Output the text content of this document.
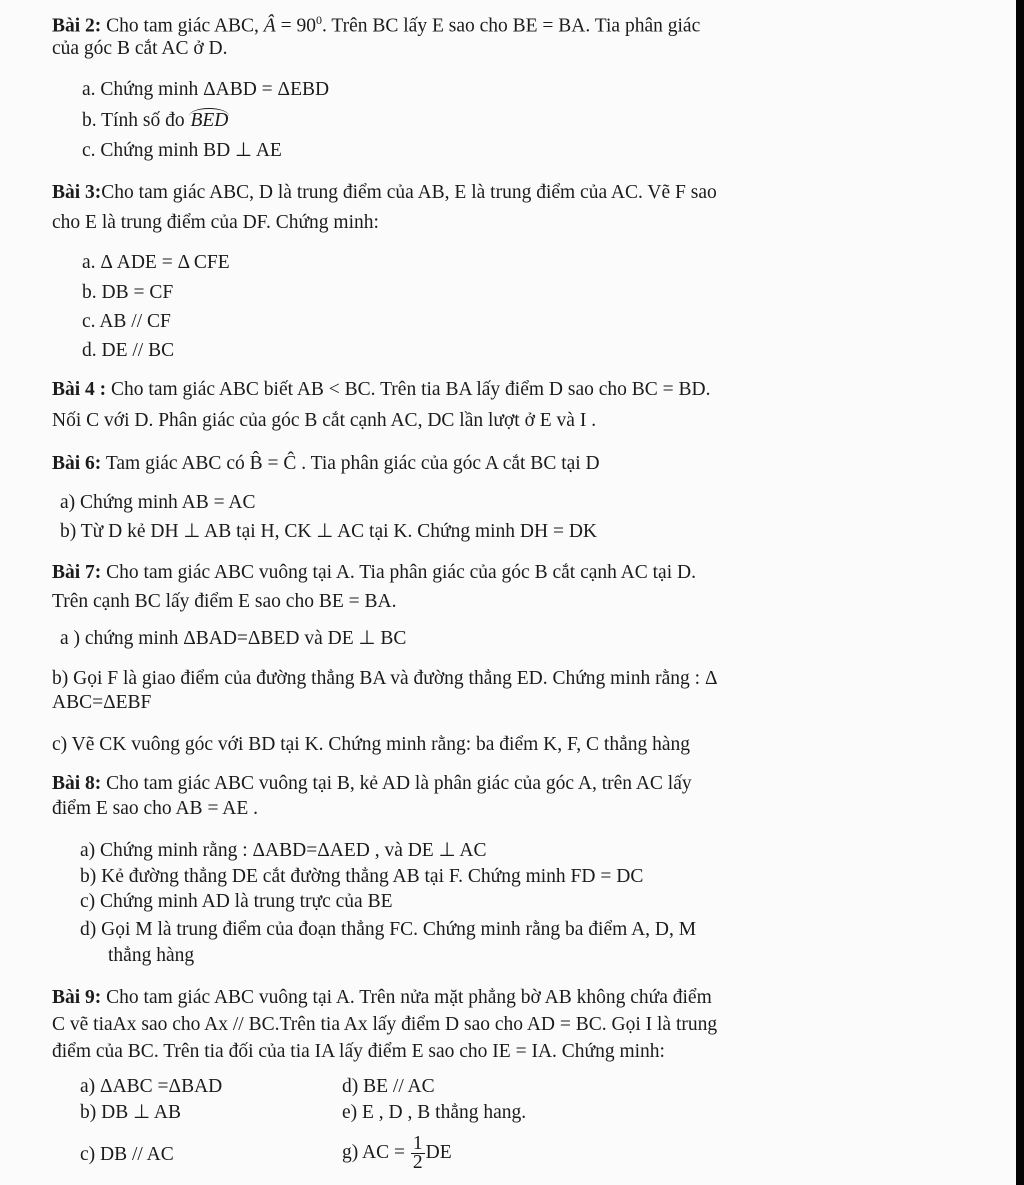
Bài 2: Cho tam giác ABC, Â = $90^0$. Trên BC lấy E sao cho BE = BA. Tia phân giác
của góc B cắt AC ở D.
a. Chứng minh ΔABD = ΔEBD
b. Tính số đo BED
c. Chứng minh BD ⊥ AE
Bài 3:Cho tam giác ABC, D là trung điểm của AB, E là trung điểm của AC. Vẽ F sao
cho E là trung điểm của DF. Chứng minh:
a. Δ ADE = Δ CFE
b. DB = CF
c. AB // CF
d. DE // BC
Bài 4 : Cho tam giác ABC biết AB < BC. Trên tia BA lấy điểm D sao cho BC = BD.
Nối C với D. Phân giác của góc B cắt cạnh AC, DC lần lượt ở E và I .
Bài 6: Tam giác ABC có B̂ = Ĉ . Tia phân giác của góc A cắt BC tại D
a) Chứng minh AB = AC
b) Từ D kẻ DH ⊥ AB tại H, CK ⊥ AC tại K. Chứng minh DH = DK
Bài 7: Cho tam giác ABC vuông tại A. Tia phân giác của góc B cắt cạnh AC tại D.
Trên cạnh BC lấy điểm E sao cho BE = BA.
a ) chứng minh ΔBAD=ΔBED và DE ⊥ BC
b) Gọi F là giao điểm của đường thẳng BA và đường thẳng ED. Chứng minh rằng : Δ
ABC=ΔEBF
c) Vẽ CK vuông góc với BD tại K. Chứng minh rằng: ba điểm K, F, C thẳng hàng
Bài 8: Cho tam giác ABC vuông tại B, kẻ AD là phân giác của góc A, trên AC lấy
điểm E sao cho AB = AE .
a) Chứng minh rằng : ΔABD=ΔAED , và DE ⊥ AC
b) Kẻ đường thẳng DE cắt đường thẳng AB tại F. Chứng minh FD = DC
c) Chứng minh AD là trung trực của BE
d) Gọi M là trung điểm của đoạn thẳng FC. Chứng minh rằng ba điểm A, D, M
thẳng hàng
Bài 9: Cho tam giác ABC vuông tại A. Trên nửa mặt phẳng bờ AB không chứa điểm
C vẽ tiaAx sao cho Ax // BC.Trên tia Ax lấy điểm D sao cho AD = BC. Gọi I là trung
điểm của BC. Trên tia đối của tia IA lấy điểm E sao cho IE = IA. Chứng minh:
a) ΔABC =ΔBAD
b) DB ⊥ AB
c) DB // AC
d) BE // AC
e) E , D , B thẳng hang.
g) AC = $\frac{1}{2}$ DE
